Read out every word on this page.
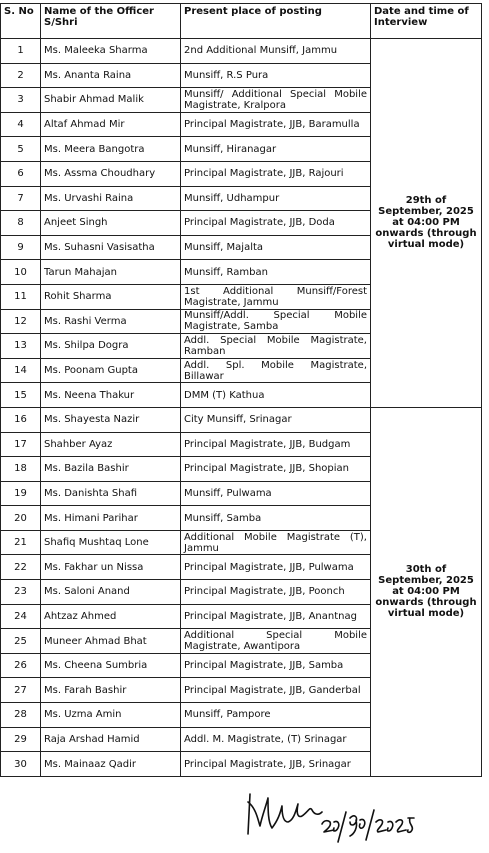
S. No	Name of the Officer S/Shri	Present place of posting	Date and time of Interview
1	Ms. Maleeka Sharma	2nd Additional Munsiff, Jammu	29th of September, 2025 at 04:00 PM onwards (through virtual mode)
2	Ms. Ananta Raina	Munsiff, R.S Pura	
3	Shabir Ahmad Malik	Munsiff/ Additional Special Mobile Magistrate, Kralpora	
4	Altaf Ahmad Mir	Principal Magistrate, JJB, Baramulla	
5	Ms. Meera Bangotra	Munsiff, Hiranagar	
6	Ms. Assma Choudhary	Principal Magistrate, JJB, Rajouri	
7	Ms. Urvashi Raina	Munsiff, Udhampur	
8	Anjeet Singh	Principal Magistrate, JJB, Doda	
9	Ms. Suhasni Vasisatha	Munsiff, Majalta	
10	Tarun Mahajan	Munsiff, Ramban	
11	Rohit Sharma	1st Additional Munsiff/Forest Magistrate, Jammu	
12	Ms. Rashi Verma	Munsiff/Addl. Special Mobile Magistrate, Samba	
13	Ms. Shilpa Dogra	Addl. Special Mobile Magistrate, Ramban	
14	Ms. Poonam Gupta	Addl. Spl. Mobile Magistrate, Billawar	
15	Ms. Neena Thakur	DMM (T) Kathua	
16	Ms. Shayesta Nazir	City Munsiff, Srinagar	30th of September, 2025 at 04:00 PM onwards (through virtual mode)
17	Shahber Ayaz	Principal Magistrate, JJB, Budgam	
18	Ms. Bazila Bashir	Principal Magistrate, JJB, Shopian	
19	Ms. Danishta Shafi	Munsiff, Pulwama	
20	Ms. Himani Parihar	Munsiff, Samba	
21	Shafiq Mushtaq Lone	Additional Mobile Magistrate (T), Jammu	
22	Ms. Fakhar un Nissa	Principal Magistrate, JJB, Pulwama	
23	Ms. Saloni Anand	Principal Magistrate, JJB, Poonch	
24	Ahtzaz Ahmed	Principal Magistrate, JJB, Anantnag	
25	Muneer Ahmad Bhat	Additional Special Mobile Magistrate, Awantipora	
26	Ms. Cheena Sumbria	Principal Magistrate, JJB, Samba	
27	Ms. Farah Bashir	Principal Magistrate, JJB, Ganderbal	
28	Ms. Uzma Amin	Munsiff, Pampore	
29	Raja Arshad Hamid	Addl. M. Magistrate, (T) Srinagar	
30	Ms. Mainaaz Qadir	Principal Magistrate, JJB, Srinagar	
